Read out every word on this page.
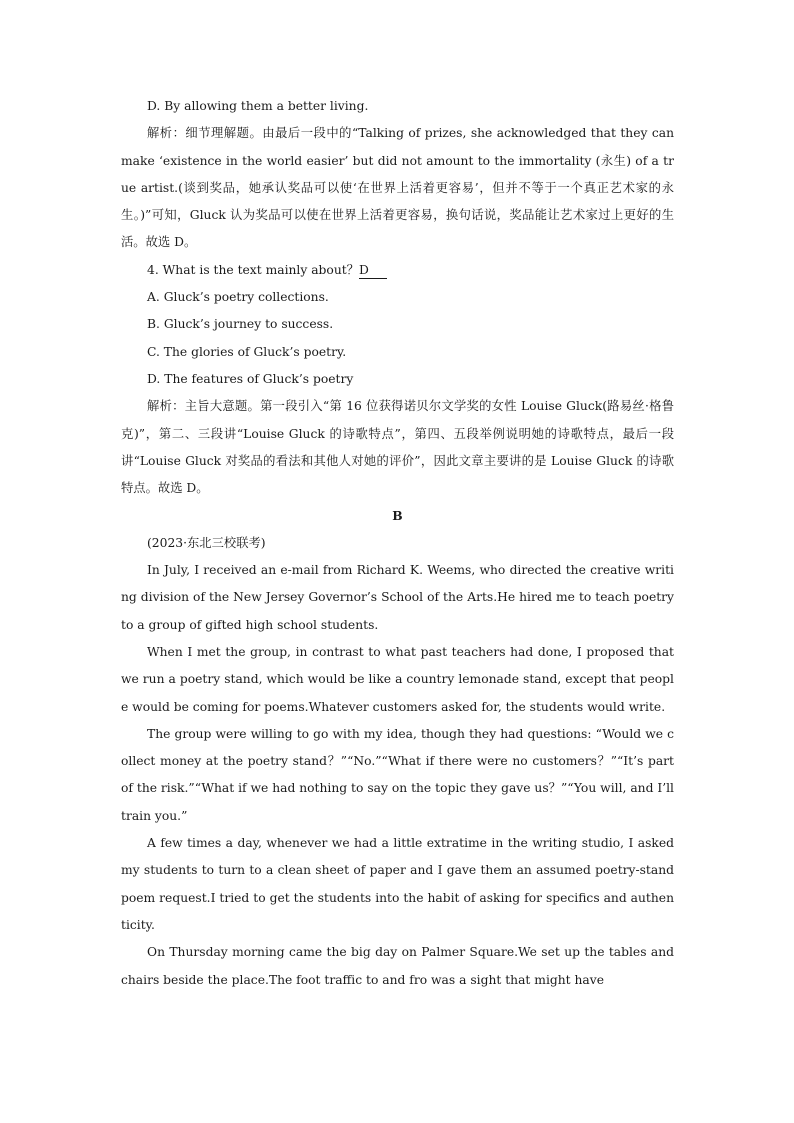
D. By allowing them a better living.

解析：细节理解题。由最后一段中的“Talking of prizes, she acknowledged that they can make ‘existence in the world easier’ but did not amount to the immortality (永生) of a true artist.(谈到奖品，她承认奖品可以使‘在世界上活着更容易’，但并不等于一个真正艺术家的永生。)”可知，Gluck 认为奖品可以使在世界上活着更容易，换句话说，奖品能让艺术家过上更好的生活。故选 D。

4. What is the text mainly about？D

A. Gluck’s poetry collections.

B. Gluck’s journey to success.

C. The glories of Gluck’s poetry.

D. The features of Gluck’s poetry

解析：主旨大意题。第一段引入“第 16 位获得诺贝尔文学奖的女性 Louise Gluck(路易丝·格鲁克)”，第二、三段讲“Louise Gluck 的诗歌特点”，第四、五段举例说明她的诗歌特点，最后一段讲“Louise Gluck 对奖品的看法和其他人对她的评价”，因此文章主要讲的是 Louise Gluck 的诗歌特点。故选 D。

B

(2023·东北三校联考)

In July, I received an e-mail from Richard K. Weems, who directed the creative writing division of the New Jersey Governor’s School of the Arts.He hired me to teach poetry to a group of gifted high school students.

When I met the group, in contrast to what past teachers had done, I proposed that we run a poetry stand, which would be like a country lemonade stand, except that people would be coming for poems.Whatever customers asked for, the students would write.

The group were willing to go with my idea, though they had questions: “Would we collect money at the poetry stand？”“No.”“What if there were no customers？”“It’s part of the risk.”“What if we had nothing to say on the topic they gave us？”“You will, and I’ll train you.”

A few times a day, whenever we had a little extratime in the writing studio, I asked my students to turn to a clean sheet of paper and I gave them an assumed poetry-stand poem request.I tried to get the students into the habit of asking for specifics and authenticity.

On Thursday morning came the big day on Palmer Square.We set up the tables and chairs beside the place.The foot traffic to and fro was a sight that might have
